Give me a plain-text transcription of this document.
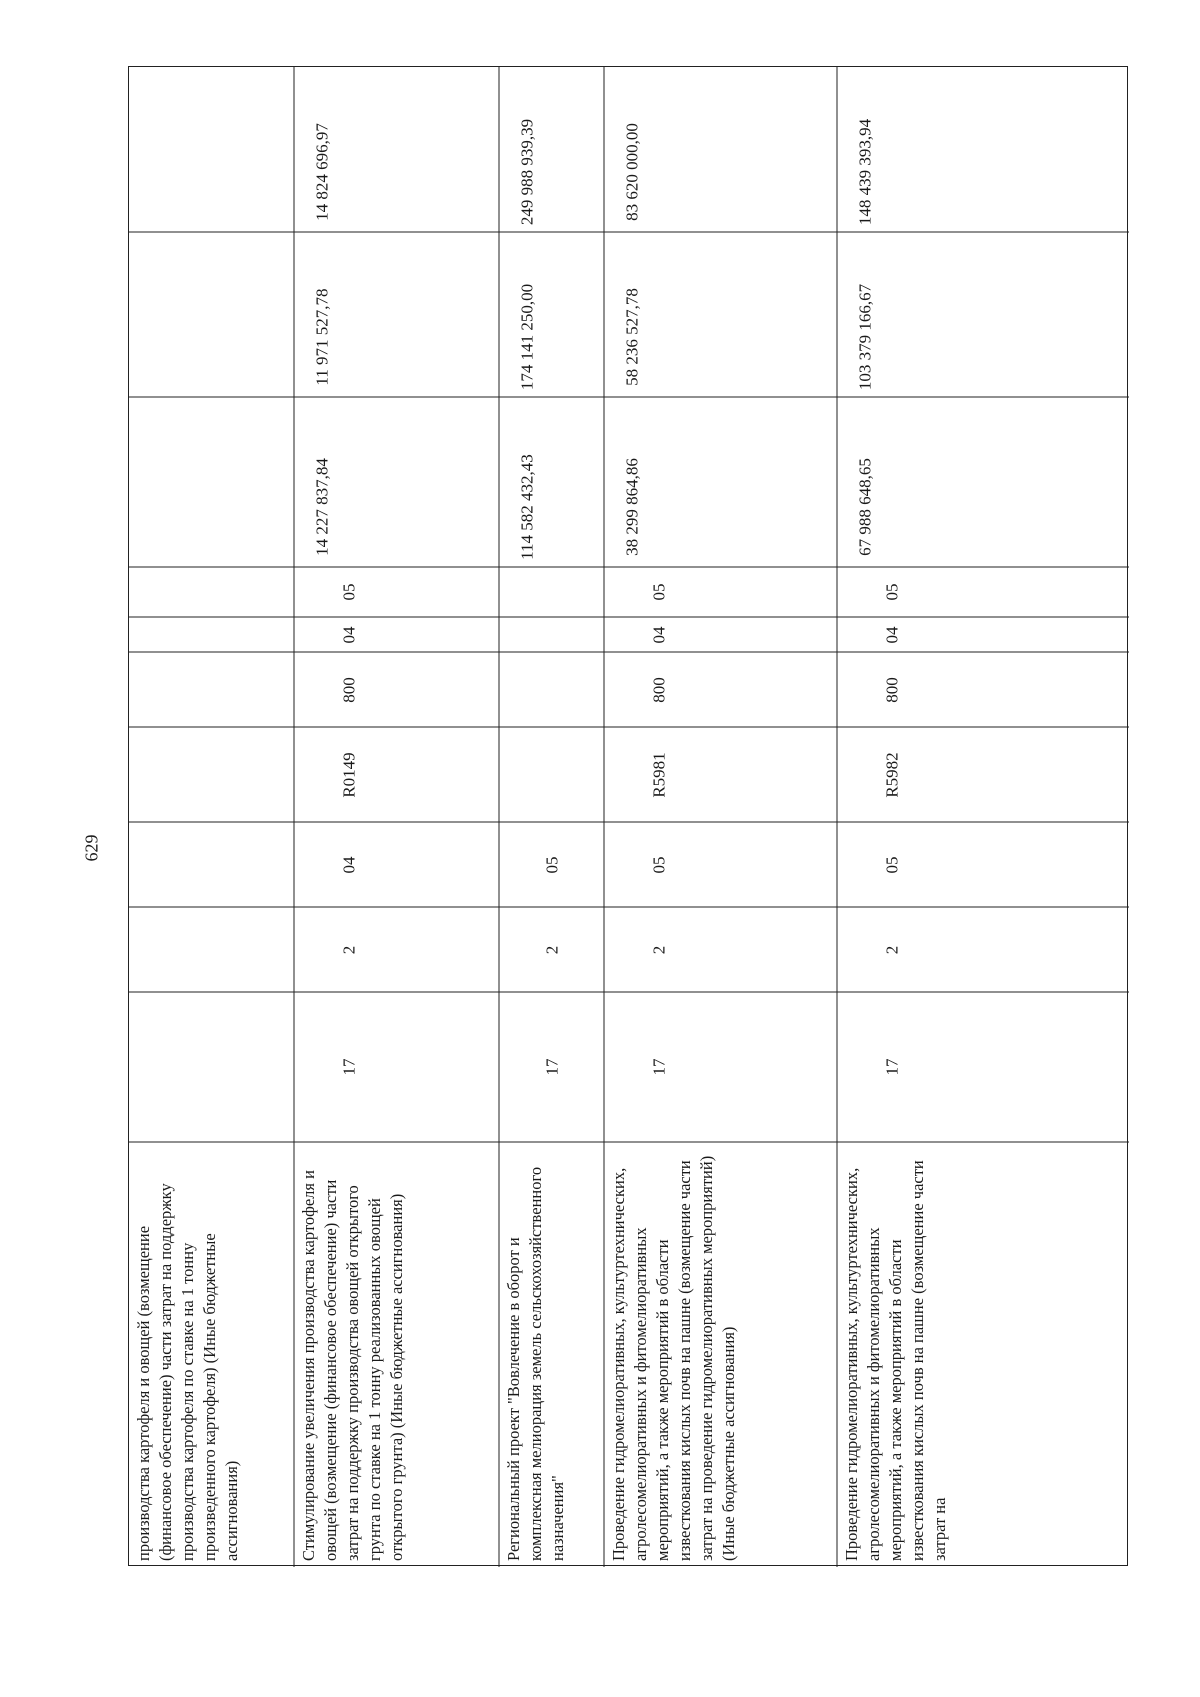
629
производства картофеля и овощей (возмещение (финансовое обеспечение) части затрат на поддержку производства картофеля по ставке на 1 тонну произведенного картофеля) (Иные бюджетные ассигнования)	Стимулирование увеличения производства картофеля и овощей (возмещение (финансовое обеспечение) части затрат на поддержку производства овощей открытого грунта по ставке на 1 тонну реализованных овощей открытого грунта) (Иные бюджетные ассигнования)
17
2
04
R0149
800
04
05
14 227 837,84
11 971 527,78
14 824 696,97
Региональный проект "Вовлечение в оборот и комплексная мелиорация земель сельскохозяйственного назначения"
17
2
05
114 582 432,43
174 141 250,00
249 988 939,39
Проведение гидромелиоративных, культуртехнических, агролесомелиоративных и фитомелиоративных мероприятий, а также мероприятий в области известкования кислых почв на пашне (возмещение части затрат на проведение гидромелиоративных мероприятий) (Иные бюджетные ассигнования)
17
2
05
R5981
800
04
05
38 299 864,86
58 236 527,78
83 620 000,00
Проведение гидромелиоративных, культуртехнических, агролесомелиоративных и фитомелиоративных мероприятий, а также мероприятий в области известкования кислых почв на пашне (возмещение части затрат на
17
2
05
R5982
800
04
05
67 988 648,65
103 379 166,67
148 439 393,94
